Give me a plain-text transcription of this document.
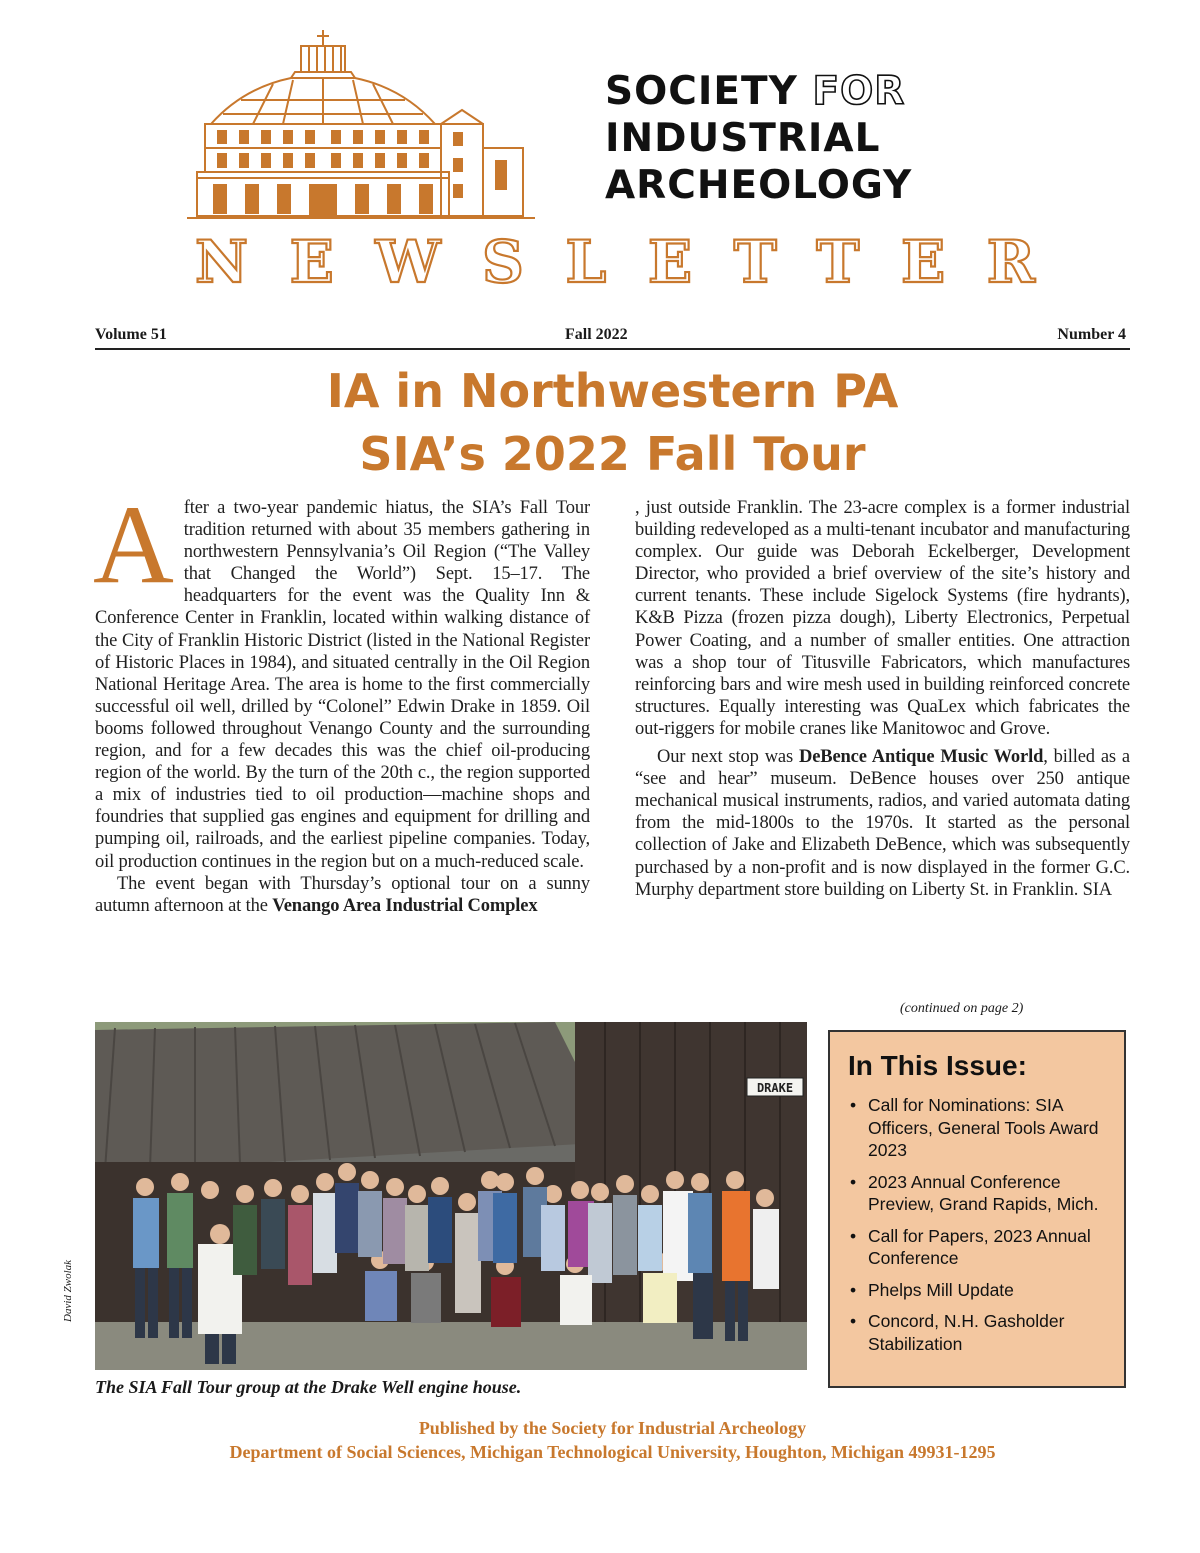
SOCIETY FOR
INDUSTRIAL
ARCHEOLOGY
NEWSLETTER
Volume 51	Fall 2022	Number 4
IA in Northwestern PA
SIA’s 2022 Fall Tour

After a two-year pandemic hiatus, the SIA’s Fall Tour tradition returned with about 35 members gathering in northwestern Pennsylvania’s Oil Region (“The Valley that Changed the World”) Sept. 15–17. The headquarters for the event was the Quality Inn & Conference Center in Franklin, located within walking distance of the City of Franklin Historic District (listed in the National Register of Historic Places in 1984), and situated centrally in the Oil Region National Heritage Area. The area is home to the first commercially successful oil well, drilled by “Colonel” Edwin Drake in 1859. Oil booms followed throughout Venango County and the surrounding region, and for a few decades this was the chief oil-producing region of the world. By the turn of the 20th c., the region supported a mix of industries tied to oil production—machine shops and foundries that supplied gas engines and equipment for drilling and pumping oil, railroads, and the earliest pipeline companies. Today, oil production continues in the region but on a much-reduced scale.

The event began with Thursday’s optional tour on a sunny autumn afternoon at the Venango Area Industrial Complex

, just outside Franklin. The 23-acre complex is a former industrial building redeveloped as a multi-tenant incubator and manufacturing complex. Our guide was Deborah Eckelberger, Development Director, who provided a brief overview of the site’s history and current tenants. These include Sigelock Systems (fire hydrants), K&B Pizza (frozen pizza dough), Liberty Electronics, Perpetual Power Coating, and a number of smaller entities. One attraction was a shop tour of Titusville Fabricators, which manufactures reinforcing bars and wire mesh used in building reinforced concrete structures. Equally interesting was QuaLex which fabricates the out-riggers for mobile cranes like Manitowoc and Grove.

Our next stop was DeBence Antique Music World, billed as a “see and hear” museum. DeBence houses over 250 antique mechanical musical instruments, radios, and varied automata dating from the mid-1800s to the 1970s. It started as the personal collection of Jake and Elizabeth DeBence, which was subsequently purchased by a non-profit and is now displayed in the former G.C. Murphy department store building on Liberty St. in Franklin. SIA

(continued on page 2)
DRAKE
David Zwolak
The SIA Fall Tour group at the Drake Well engine house.
In This Issue:
• Call for Nominations: SIA Officers, General Tools Award 2023
• 2023 Annual Conference Preview, Grand Rapids, Mich.
• Call for Papers, 2023 Annual Conference
• Phelps Mill Update
• Concord, N.H. Gasholder Stabilization
Published by the Society for Industrial Archeology
Department of Social Sciences, Michigan Technological University, Houghton, Michigan 49931-1295
